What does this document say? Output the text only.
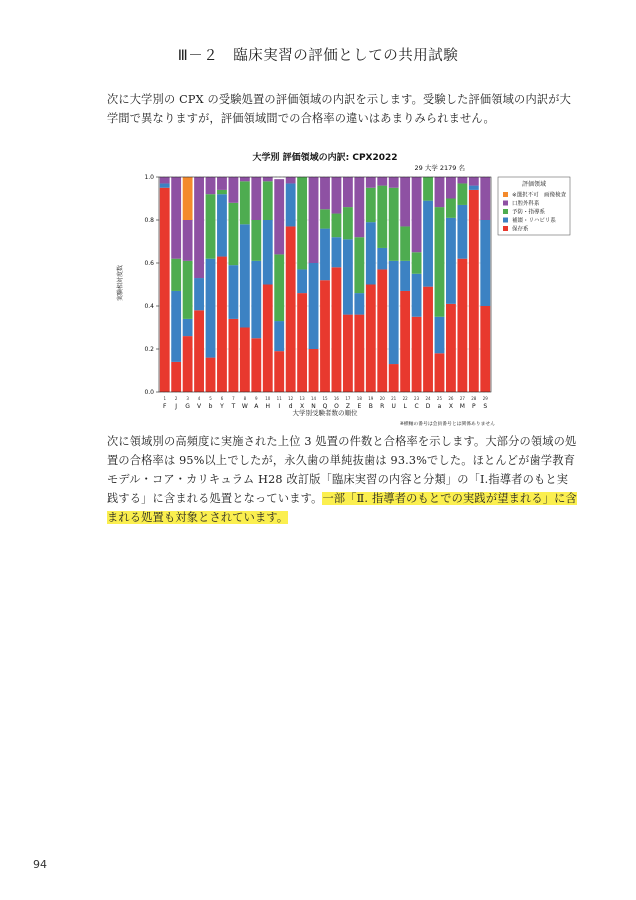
Ⅲ－２　臨床実習の評価としての共用試験

次に大学別の CPX の受験処置の評価領域の内訳を示します。受験した評価領域の内訳が大学間で異なりますが，評価領域間での合格率の違いはあまりみられません。

大学別 評価領域の内訳: CPX2022
29 大学 2179 名
実験相対度数
大学別受験者数の順位
※横軸の番号は会員番号とは関係ありません
0.0
0.2
0.4
0.6
0.8
1.0
1
F
2
J
3
G
4
V
5
b
6
Y
7
T
8
W
9
A
10
H
11
I
12
d
13
X
14
N
15
Q
16
O
17
Z
18
E
19
B
20
R
21
U
22
L
23
C
24
D
25
a
26
X
27
M
28
P
29
S
評価領域
※選択不可　画像検査
口腔外科系
予防・指導系
補綴・リハビリ系
保存系

次に領域別の高頻度に実施された上位 3 処置の件数と合格率を示します。大部分の領域の処置の合格率は 95%以上でしたが，永久歯の単純抜歯は 93.3%でした。ほとんどが歯学教育モデル・コア・カリキュラム H28 改訂版「臨床実習の内容と分類」の「Ⅰ.指導者のもと実践する」に含まれる処置となっています。一部「Ⅱ. 指導者のもとでの実践が望まれる」に含まれる処置も対象とされています。

94
